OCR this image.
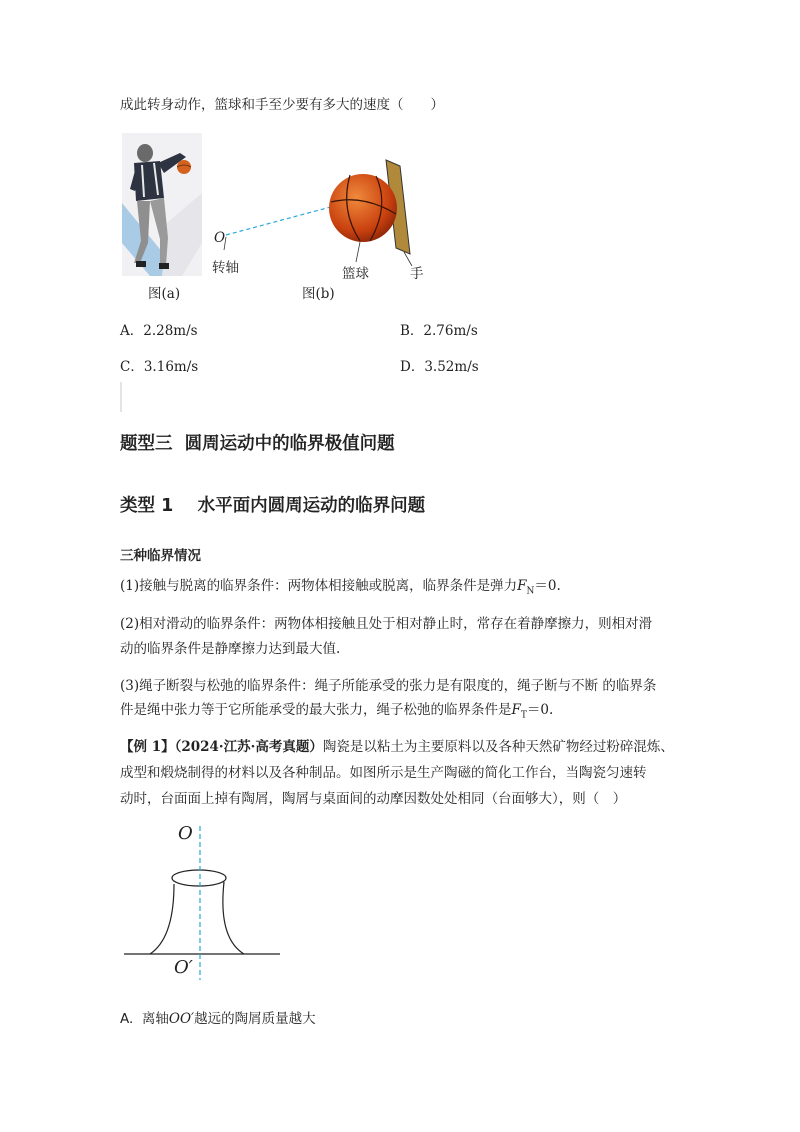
成此转身动作，篮球和手至少要有多大的速度（　　）
O
转轴	篮球	手
图(a)	图(b)
A．2.28m/s	B．2.76m/s
C．3.16m/s	D．3.52m/s
题型三  圆周运动中的临界极值问题
类型 1    水平面内圆周运动的临界问题
三种临界情况
(1)接触与脱离的临界条件：两物体相接触或脱离，临界条件是弹力$F_N=0$.
(2)相对滑动的临界条件：两物体相接触且处于相对静止时，常存在着静摩擦力，则相对滑
动的临界条件是静摩擦力达到最大值.
(3)绳子断裂与松弛的临界条件：绳子所能承受的张力是有限度的，绳子断与不断 的临界条
件是绳中张力等于它所能承受的最大张力，绳子松弛的临界条件是$F_T=0$.
【例 1】（2024·江苏·高考真题）陶瓷是以粘土为主要原料以及各种天然矿物经过粉碎混炼、
成型和煅烧制得的材料以及各种制品。如图所示是生产陶磁的简化工作台，当陶瓷匀速转
动时，台面面上掉有陶屑，陶屑与桌面间的动摩因数处处相同（台面够大），则（　）
O
O′
A. 离轴OO′越远的陶屑质量越大
